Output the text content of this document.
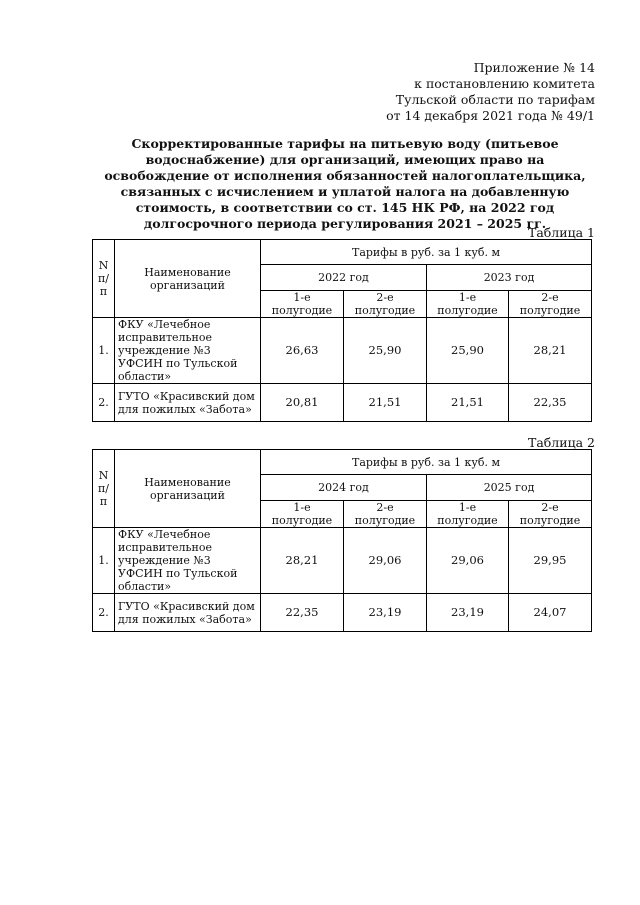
Приложение № 14
к постановлению комитета
Тульской области по тарифам
от 14 декабря 2021 года № 49/1
Скорректированные тарифы на питьевую воду (питьевое водоснабжение) для организаций, имеющих право на освобождение от исполнения обязанностей налогоплательщика, связанных с исчислением и уплатой налога на добавленную стоимость, в соответствии со ст. 145 НК РФ, на 2022 год долгосрочного периода регулирования 2021 – 2025 гг.
Таблица 1
N п/п	Наименование организаций	Тарифы в руб. за 1 куб. м			
		2022 год		2023 год	
		1-е полугодие	2-е полугодие	1-е полугодие	2-е полугодие
1.	ФКУ «Лечебное исправительное учреждение №3 УФСИН по Тульской области»	26,63	25,90	25,90	28,21
2.	ГУТО «Красивский дом для пожилых «Забота»	20,81	21,51	21,51	22,35
Таблица 2
N п/п	Наименование организаций	Тарифы в руб. за 1 куб. м			
		2024 год		2025 год	
		1-е полугодие	2-е полугодие	1-е полугодие	2-е полугодие
1.	ФКУ «Лечебное исправительное учреждение №3 УФСИН по Тульской области»	28,21	29,06	29,06	29,95
2.	ГУТО «Красивский дом для пожилых «Забота»	22,35	23,19	23,19	24,07
